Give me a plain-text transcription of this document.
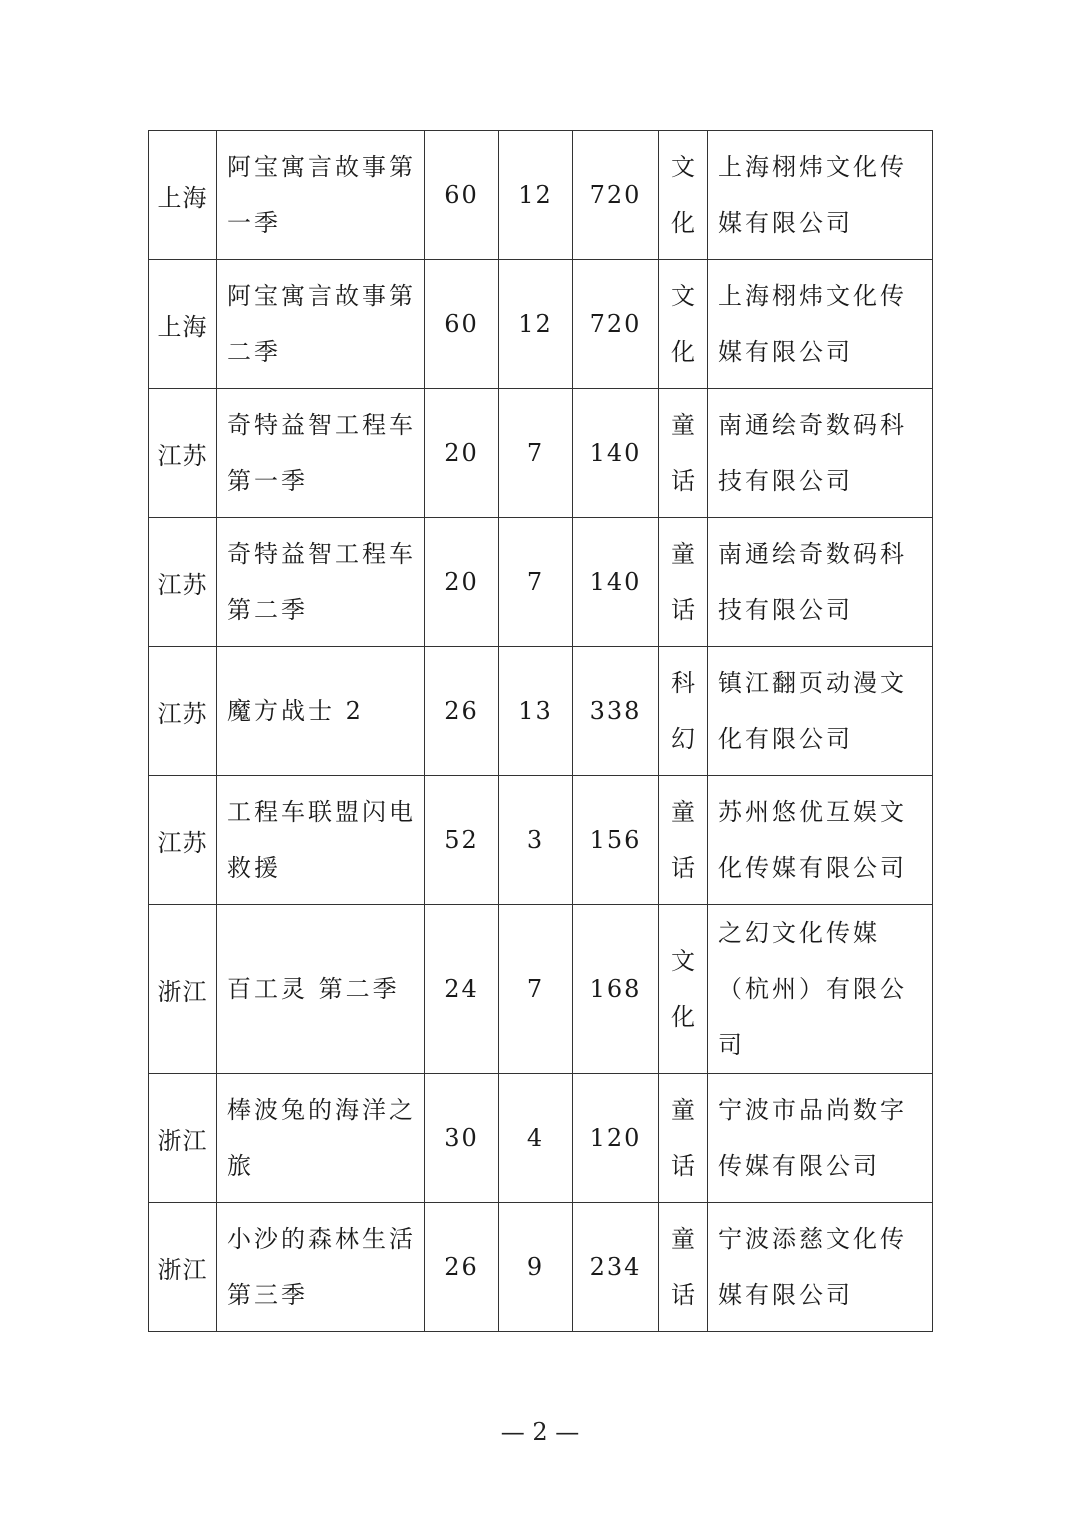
上海	阿宝寓言故事第一季	60	12	720	文化	上海栩炜文化传媒有限公司
上海	阿宝寓言故事第二季	60	12	720	文化	上海栩炜文化传媒有限公司
江苏	奇特益智工程车第一季	20	7	140	童话	南通绘奇数码科技有限公司
江苏	奇特益智工程车第二季	20	7	140	童话	南通绘奇数码科技有限公司
江苏	魔方战士 2	26	13	338	科幻	镇江翻页动漫文化有限公司
江苏	工程车联盟闪电救援	52	3	156	童话	苏州悠优互娱文化传媒有限公司
浙江	百工灵 第二季	24	7	168	文化	之幻文化传媒（杭州）有限公司
浙江	棒波兔的海洋之旅	30	4	120	童话	宁波市品尚数字传媒有限公司
浙江	小沙的森林生活第三季	26	9	234	童话	宁波添慈文化传媒有限公司
— 2 —
